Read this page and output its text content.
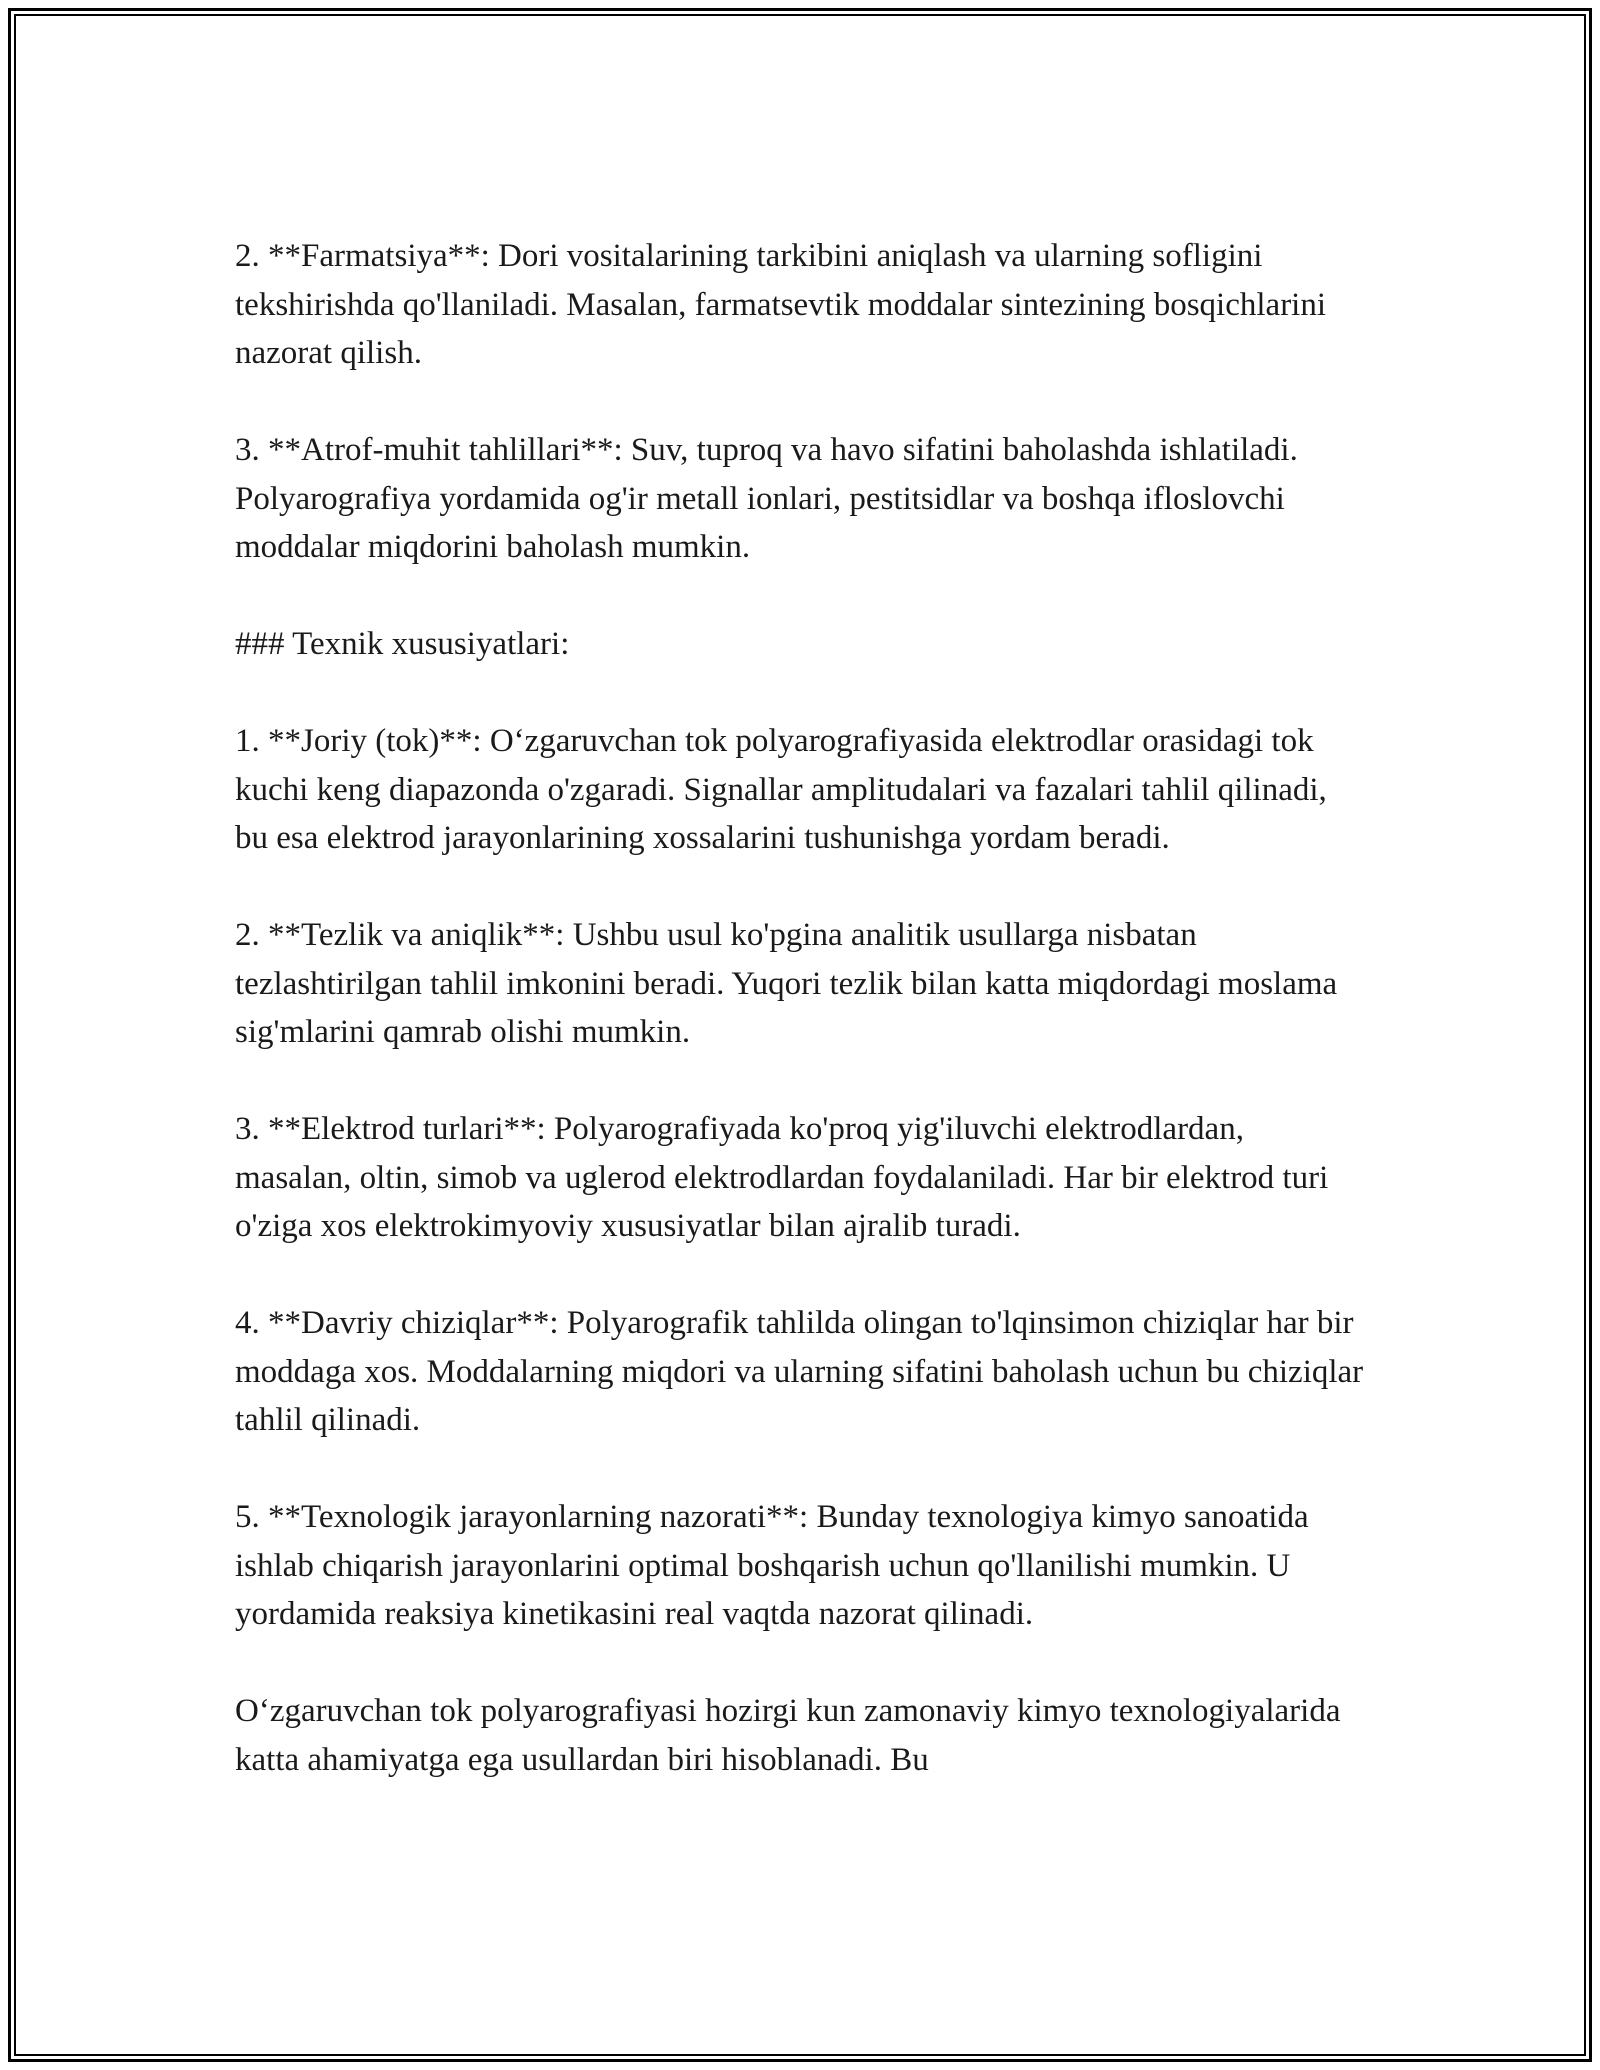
2. **Farmatsiya**: Dori vositalarining tarkibini aniqlash va ularning sofligini tekshirishda qo'llaniladi. Masalan, farmatsevtik moddalar sintezining bosqichlarini nazorat qilish.

3. **Atrof-muhit tahlillari**: Suv, tuproq va havo sifatini baholashda ishlatiladi. Polyarografiya yordamida og'ir metall ionlari, pestitsidlar va boshqa ifloslovchi moddalar miqdorini baholash mumkin.

### Texnik xususiyatlari:

1. **Joriy (tok)**: O‘zgaruvchan tok polyarografiyasida elektrodlar orasidagi tok kuchi keng diapazonda o'zgaradi. Signallar amplitudalari va fazalari tahlil qilinadi, bu esa elektrod jarayonlarining xossalarini tushunishga yordam beradi.

2. **Tezlik va aniqlik**: Ushbu usul ko'pgina analitik usullarga nisbatan tezlashtirilgan tahlil imkonini beradi. Yuqori tezlik bilan katta miqdordagi moslama sig'mlarini qamrab olishi mumkin.

3. **Elektrod turlari**: Polyarografiyada ko'proq yig'iluvchi elektrodlardan, masalan, oltin, simob va uglerod elektrodlardan foydalaniladi. Har bir elektrod turi o'ziga xos elektrokimyoviy xususiyatlar bilan ajralib turadi.

4. **Davriy chiziqlar**: Polyarografik tahlilda olingan to'lqinsimon chiziqlar har bir moddaga xos. Moddalarning miqdori va ularning sifatini baholash uchun bu chiziqlar tahlil qilinadi.

5. **Texnologik jarayonlarning nazorati**: Bunday texnologiya kimyo sanoatida ishlab chiqarish jarayonlarini optimal boshqarish uchun qo'llanilishi mumkin. U yordamida reaksiya kinetikasini real vaqtda nazorat qilinadi.

O‘zgaruvchan tok polyarografiyasi hozirgi kun zamonaviy kimyo texnologiyalarida katta ahamiyatga ega usullardan biri hisoblanadi. Bu
